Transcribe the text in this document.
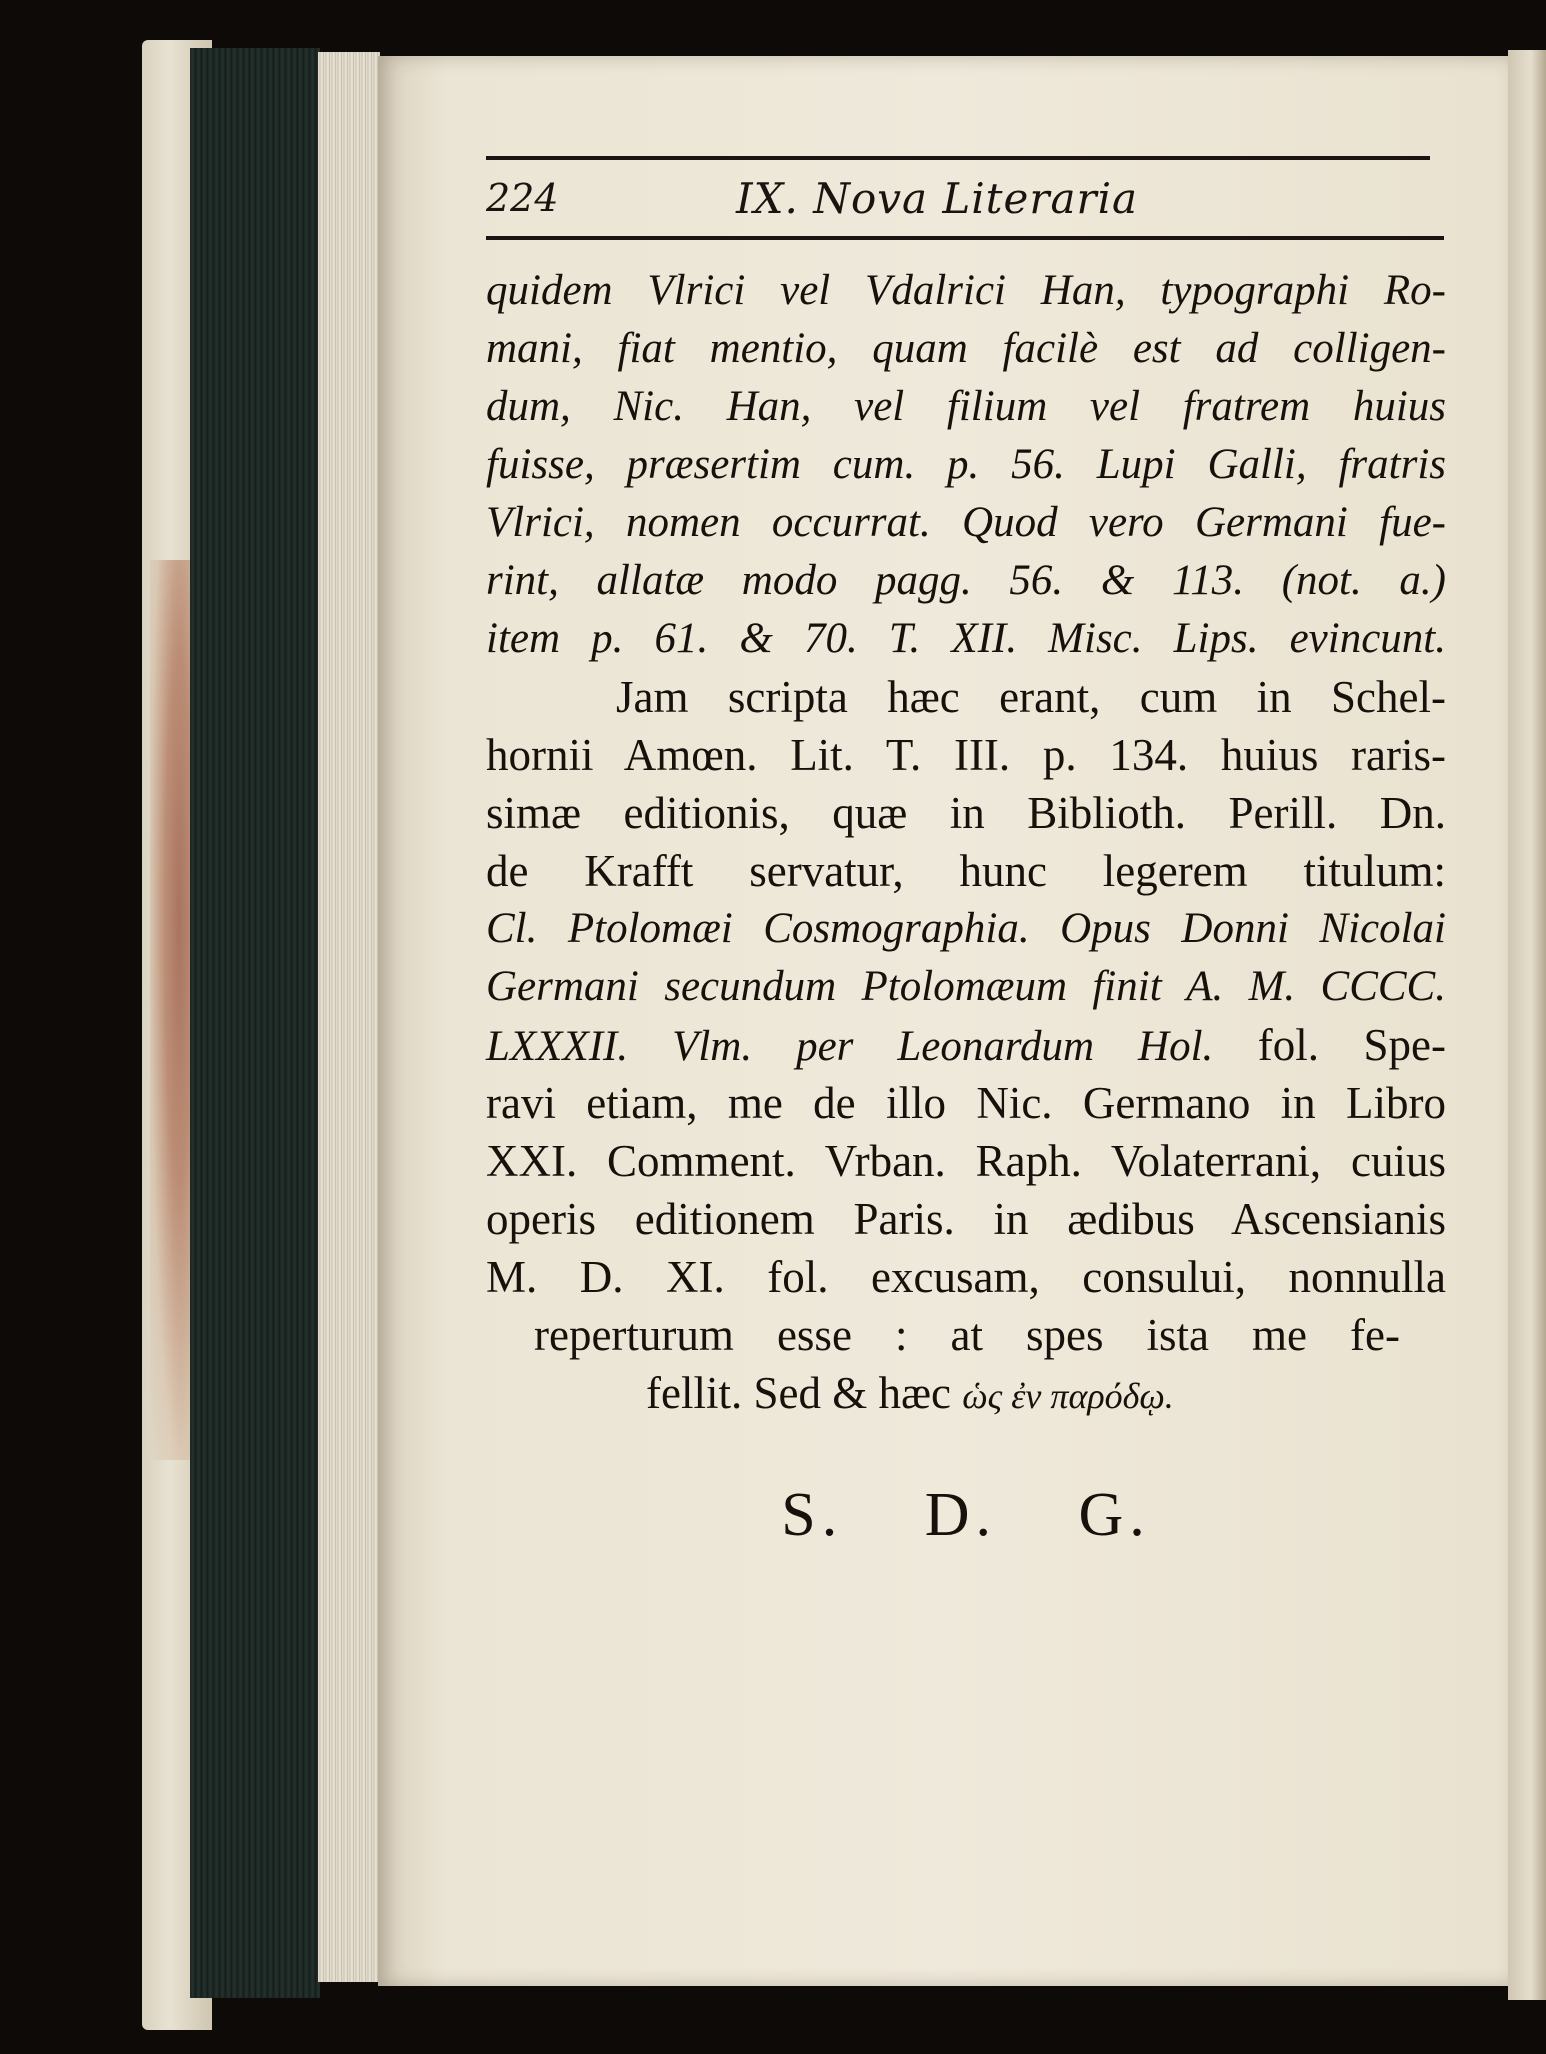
224	IX. Nova Literaria
quidem Vlrici vel Vdalrici Han, typographi Ro-
mani, fiat mentio, quam facilè est ad colligen-
dum, Nic. Han, vel filium vel fratrem huius
fuisse, præsertim cum. p. 56. Lupi Galli, fratris
Vlrici, nomen occurrat. Quod vero Germani fue-
rint, allatæ modo pagg. 56. & 113. (not. a.)
item p. 61. & 70. T. XII. Misc. Lips. evincunt.
Jam scripta hæc erant, cum in Schel-
hornii Amœn. Lit. T. III. p. 134. huius raris-
simæ editionis, quæ in Biblioth. Perill. Dn.
de Krafft servatur, hunc legerem titulum:
Cl. Ptolomæi Cosmographia. Opus Donni Nicolai
Germani secundum Ptolomæum finit A. M. CCCC.
LXXXII. Vlm. per Leonardum Hol. fol. Spe-
ravi etiam, me de illo Nic. Germano in Libro
XXI. Comment. Vrban. Raph. Volaterrani, cuius
operis editionem Paris. in ædibus Ascensianis
M. D. XI. fol. excusam, consului, nonnulla
reperturum esse : at spes ista me fe-
fellit. Sed & hæc ὡς ἐν παρόδῳ.
S. D. G.
